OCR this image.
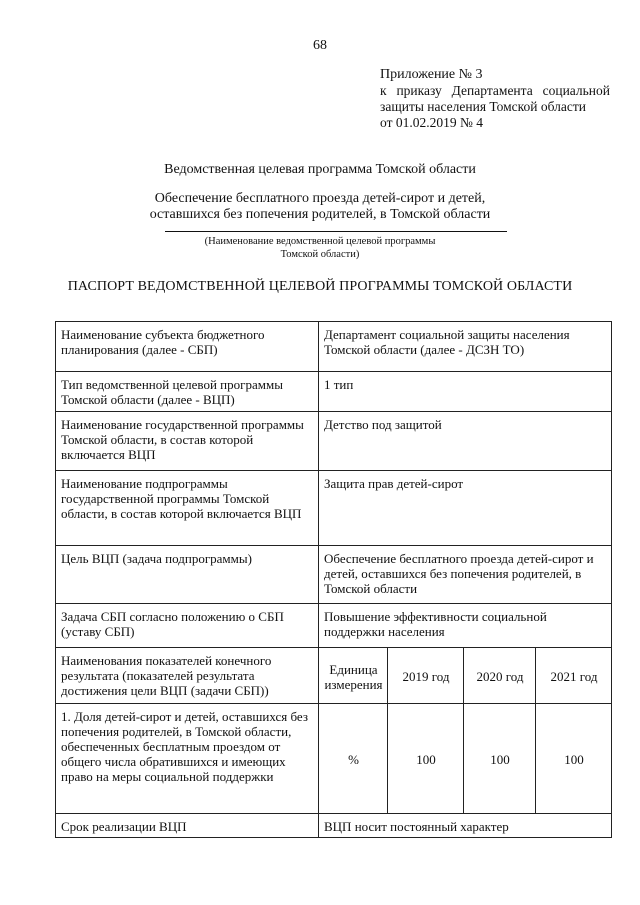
68
Приложение № 3
к приказу Департамента социальной
защиты населения Томской области
от 01.02.2019 № 4
Ведомственная целевая программа Томской области
Обеспечение бесплатного проезда детей-сирот и детей,
оставшихся без попечения родителей, в Томской области
(Наименование ведомственной целевой программы
Томской области)
ПАСПОРТ ВЕДОМСТВЕННОЙ ЦЕЛЕВОЙ ПРОГРАММЫ ТОМСКОЙ ОБЛАСТИ
Наименование субъекта бюджетного планирования (далее - СБП)	Департамент социальной защиты населения Томской области (далее - ДСЗН ТО)			
Тип ведомственной целевой программы Томской области (далее - ВЦП)	1 тип			
Наименование государственной программы Томской области, в состав которой включается ВЦП	Детство под защитой			
Наименование подпрограммы государственной программы Томской области, в состав которой включается ВЦП	Защита прав детей-сирот			
Цель ВЦП (задача подпрограммы)	Обеспечение бесплатного проезда детей-сирот и детей, оставшихся без попечения родителей, в Томской области			
Задача СБП согласно положению о СБП (уставу СБП)	Повышение эффективности социальной поддержки населения			
Наименования показателей конечного результата (показателей результата достижения цели ВЦП (задачи СБП))	Единица измерения	2019 год	2020 год	2021 год
1. Доля детей-сирот и детей, оставшихся без попечения родителей, в Томской области, обеспеченных бесплатным проездом от общего числа обратившихся и имеющих право на меры социальной поддержки	%	100	100	100
Срок реализации ВЦП	ВЦП носит постоянный характер			
